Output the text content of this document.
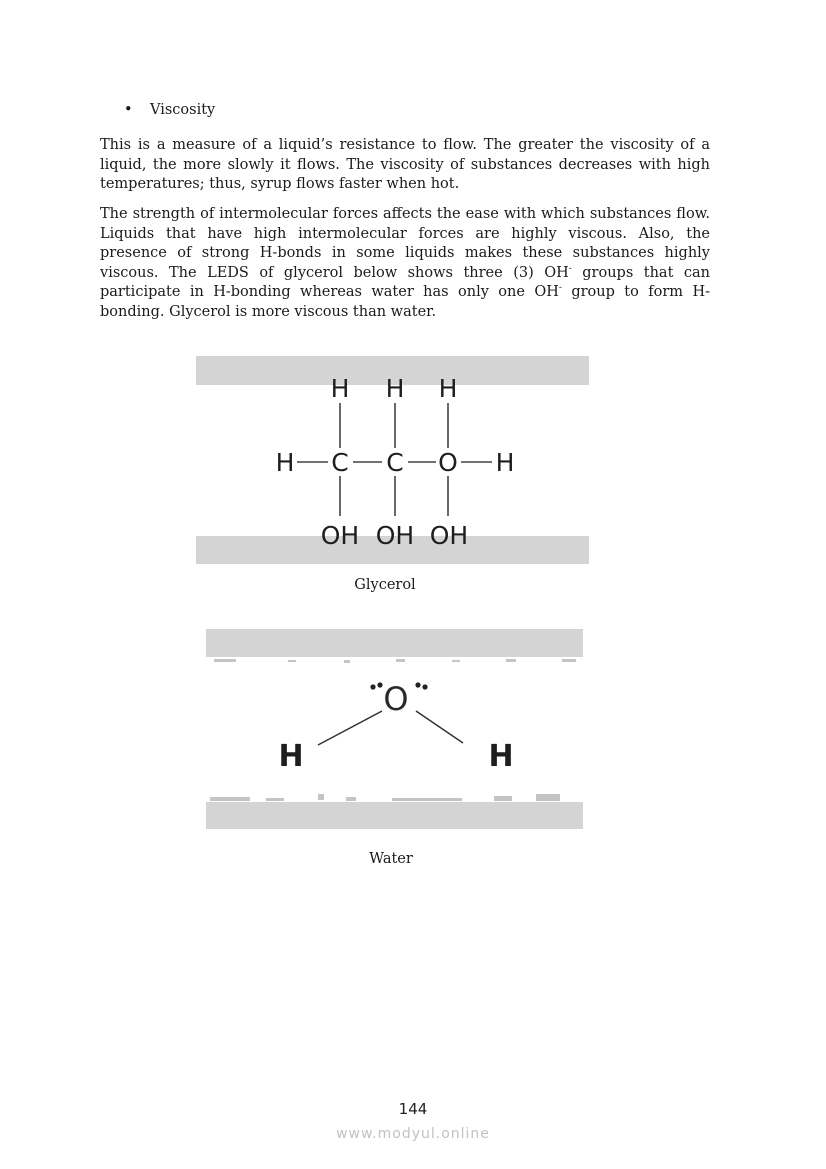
• Viscosity

This is a measure of a liquid’s resistance to flow. The greater the viscosity of a liquid, the more slowly it flows. The viscosity of substances decreases with high temperatures; thus, syrup flows faster when hot.

The strength of intermolecular forces affects the ease with which substances flow. Liquids that have high intermolecular forces are highly viscous. Also, the presence of strong H-bonds in some liquids makes these substances highly viscous. The LEDS of glycerol below shows three (3) OH- groups that can participate in H-bonding whereas water has only one OH- group to form H-bonding. Glycerol is more viscous than water.

H H H
H C C O H
OH OH OH
Glycerol
O
H	H
Water
144
www.modyul.online
